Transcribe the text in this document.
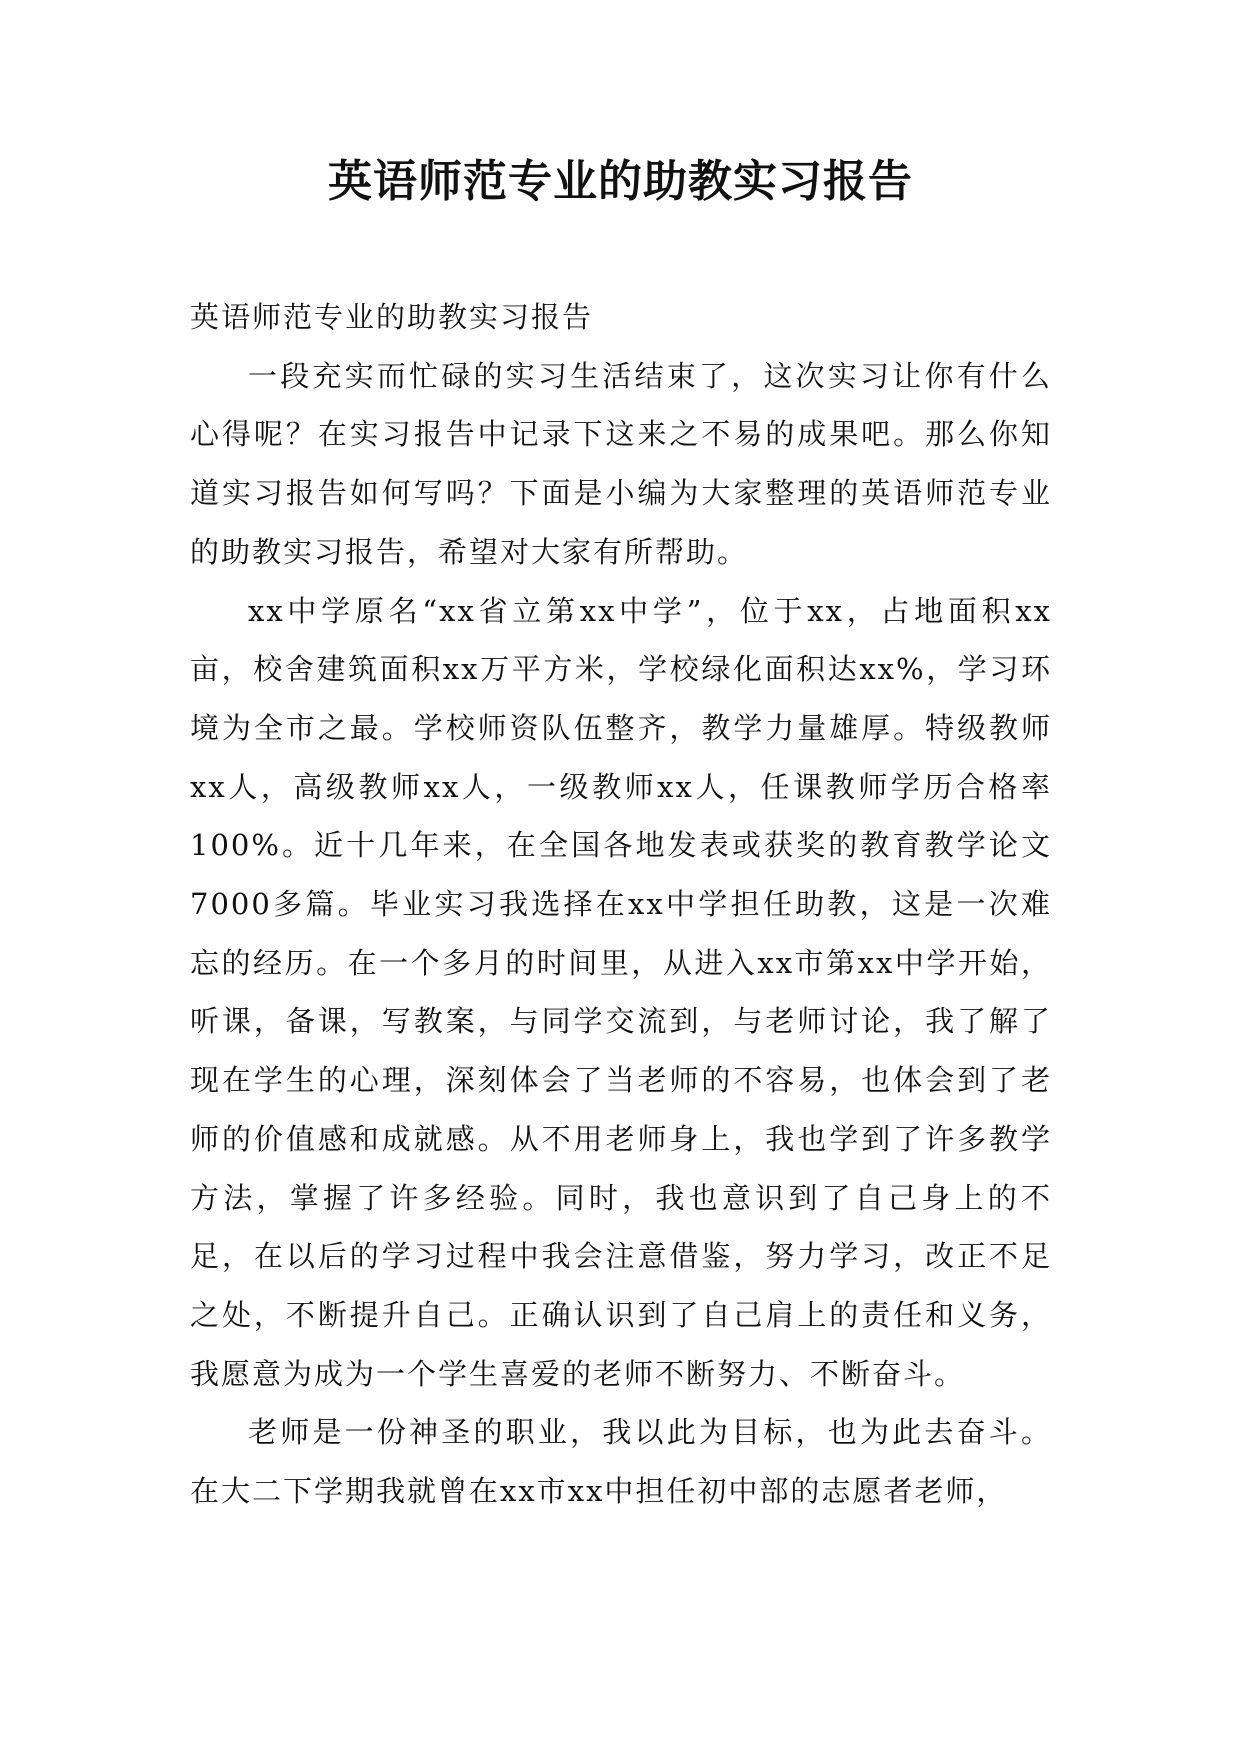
英语师范专业的助教实习报告

英语师范专业的助教实习报告

一段充实而忙碌的实习生活结束了，这次实习让你有什么心得呢？在实习报告中记录下这来之不易的成果吧。那么你知道实习报告如何写吗？下面是小编为大家整理的英语师范专业的助教实习报告，希望对大家有所帮助。

xx中学原名“xx省立第xx中学”，位于xx，占地面积xx亩，校舍建筑面积xx万平方米，学校绿化面积达xx%，学习环境为全市之最。学校师资队伍整齐，教学力量雄厚。特级教师xx人，高级教师xx人，一级教师xx人，任课教师学历合格率100%。近十几年来，在全国各地发表或获奖的教育教学论文7000多篇。毕业实习我选择在xx中学担任助教，这是一次难忘的经历。在一个多月的时间里，从进入xx市第xx中学开始，听课，备课，写教案，与同学交流到，与老师讨论，我了解了现在学生的心理，深刻体会了当老师的不容易，也体会到了老师的价值感和成就感。从不用老师身上，我也学到了许多教学方法，掌握了许多经验。同时，我也意识到了自己身上的不足，在以后的学习过程中我会注意借鉴，努力学习，改正不足之处，不断提升自己。正确认识到了自己肩上的责任和义务，我愿意为成为一个学生喜爱的老师不断努力、不断奋斗。

老师是一份神圣的职业，我以此为目标，也为此去奋斗。在大二下学期我就曾在xx市xx中担任初中部的志愿者老师，
